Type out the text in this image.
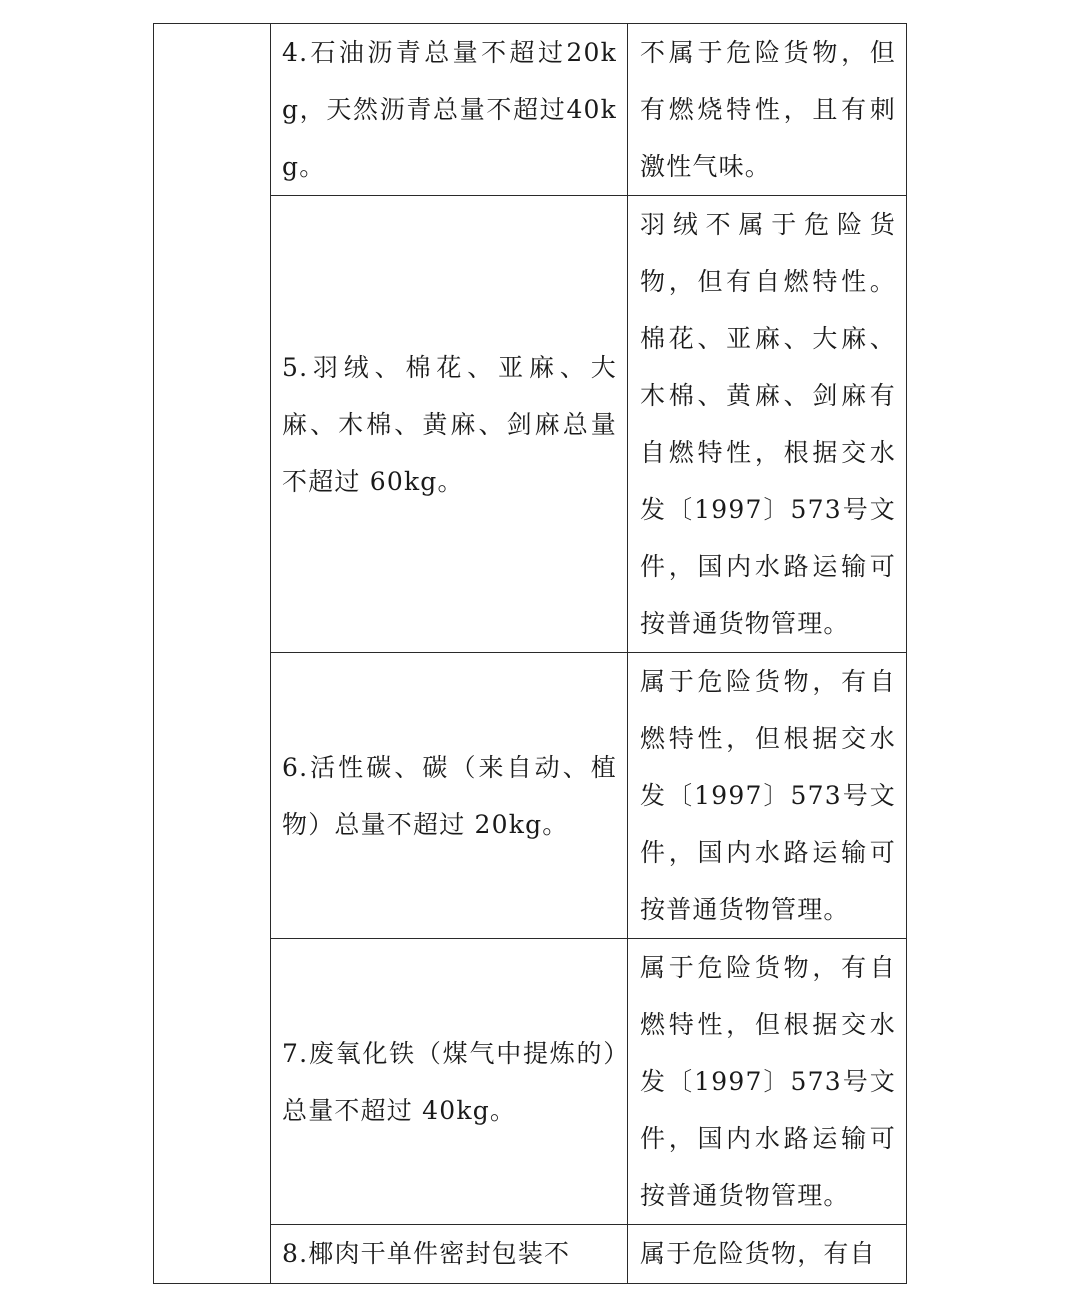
	4.石油沥青总量不超过20kg，天然沥青总量不超过40kg。	不属于危险货物，但有燃烧特性，且有刺激性气味。

	5.羽绒、棉花、亚麻、大麻、木棉、黄麻、剑麻总量不超过 60kg。	羽绒不属于危险货物，但有自燃特性。棉花、亚麻、大麻、木棉、黄麻、剑麻有自燃特性，根据交水发〔1997〕573号文件，国内水路运输可按普通货物管理。

	6.活性碳、碳（来自动、植物）总量不超过 20kg。	属于危险货物，有自燃特性，但根据交水发〔1997〕573号文件，国内水路运输可按普通货物管理。

	7.废氧化铁（煤气中提炼的）总量不超过 40kg。	属于危险货物，有自燃特性，但根据交水发〔1997〕573号文件，国内水路运输可按普通货物管理。

	8.椰肉干单件密封包装不	属于危险货物，有自
